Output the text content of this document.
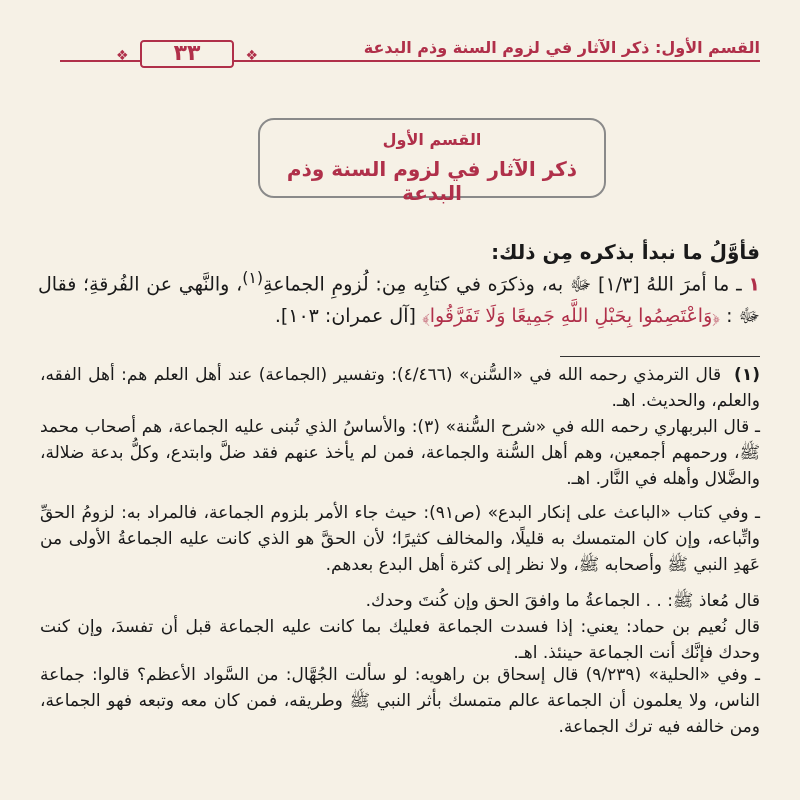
القسم الأول: ذكر الآثار في لزوم السنة وذم البدعة
❖
٣٣
❖
القسم الأول
ذكر الآثار في لزوم السنة وذم البدعة
فأوَّلُ ما نبدأ بذكره مِن ذلك:
١ ـ ما أمرَ اللهُ [١/٣] ﷻ به، وذكرَه في كتابِه مِن: لُزومِ الجماعةِ$^{(١)}$، والنَّهي عن الفُرقةِ؛ فقال ﷻ : ﴿وَاعْتَصِمُوا بِحَبْلِ اللَّهِ جَمِيعًا وَلَا تَفَرَّقُوا﴾ [آل عمران: ١٠٣].

(١)  قال الترمذي رحمه الله في «السُّنن» (٤/٤٦٦): وتفسير (الجماعة) عند أهل العلم هم: أهل الفقه، والعلم، والحديث. اهـ.

ـ قال البربهاري رحمه الله في «شرح السُّنة» (٣): والأساسُ الذي تُبنى عليه الجماعة، هم أصحاب محمد ﷺ، ورحمهم أجمعين، وهم أهل السُّنة والجماعة، فمن لم يأخذ عنهم فقد ضلَّ وابتدع، وكلُّ بدعة ضلالة، والضَّلال وأهله في النَّار. اهـ.

ـ وفي كتاب «الباعث على إنكار البدع» (ص٩١): حيث جاء الأمر بلزوم الجماعة، فالمراد به: لزومُ الحقِّ واتِّباعه، وإن كان المتمسك به قليلًا، والمخالف كثيرًا؛ لأن الحقَّ هو الذي كانت عليه الجماعةُ الأولى من عَهدِ النبي ﷺ وأصحابه ﷺ، ولا نظر إلى كثرة أهل البدع بعدهم.

قال مُعاذ ﷺ: . . الجماعةُ ما وافقَ الحق وإن كُنتَ وحدك.

قال نُعيم بن حماد: يعني: إذا فسدت الجماعة فعليك بما كانت عليه الجماعة قبل أن تفسدَ، وإن كنت وحدك فإنَّك أنت الجماعة حينئذ. اهـ.

ـ وفي «الحلية» (٩/٢٣٩) قال إسحاق بن راهويه: لو سألت الجُهَّال: من السَّواد الأعظم؟ قالوا: جماعة الناس، ولا يعلمون أن الجماعة عالم متمسك بأثر النبي ﷺ وطريقه، فمن كان معه وتبعه فهو الجماعة، ومن خالفه فيه ترك الجماعة.
